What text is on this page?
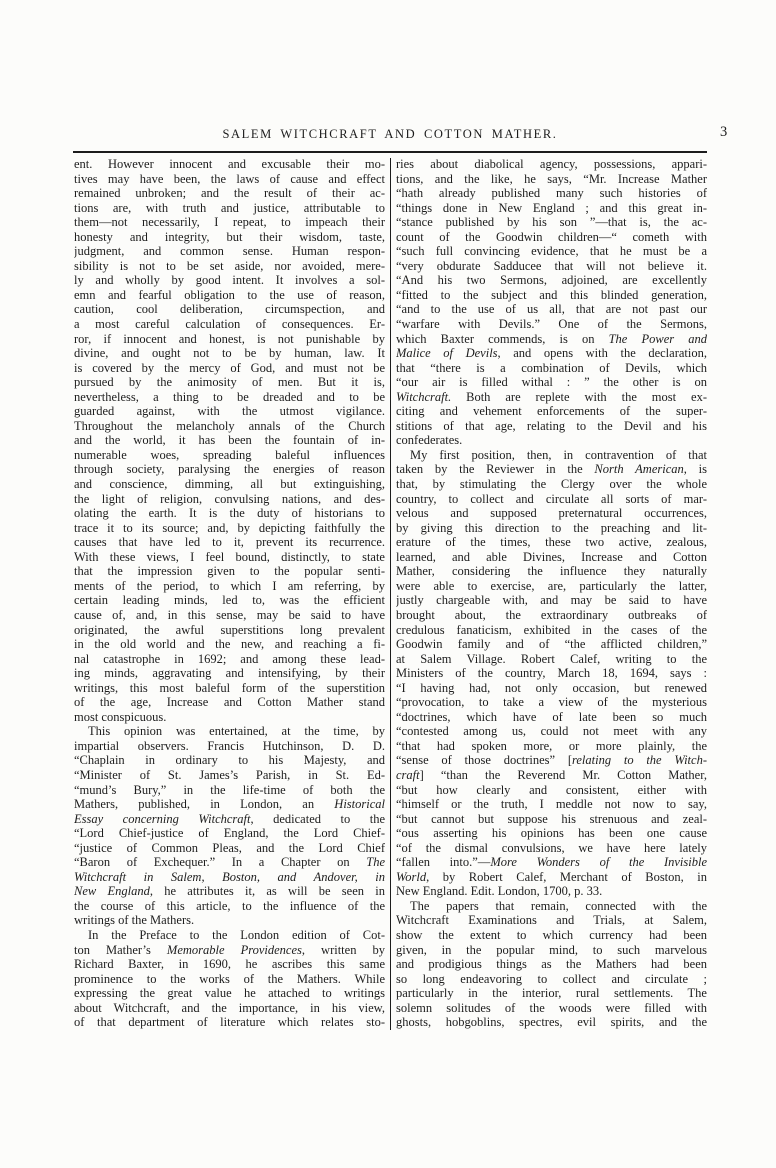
SALEM WITCHCRAFT AND COTTON MATHER.	3
ent. However innocent and excusable their mo-
tives may have been, the laws of cause and effect
remained unbroken; and the result of their ac-
tions are, with truth and justice, attributable to
them—not necessarily, I repeat, to impeach their
honesty and integrity, but their wisdom, taste,
judgment, and common sense. Human respon-
sibility is not to be set aside, nor avoided, mere-
ly and wholly by good intent. It involves a sol-
emn and fearful obligation to the use of reason,
caution, cool deliberation, circumspection, and
a most careful calculation of consequences. Er-
ror, if innocent and honest, is not punishable by
divine, and ought not to be by human, law. It
is covered by the mercy of God, and must not be
pursued by the animosity of men. But it is,
nevertheless, a thing to be dreaded and to be
guarded against, with the utmost vigilance.
Throughout the melancholy annals of the Church
and the world, it has been the fountain of in-
numerable woes, spreading baleful influences
through society, paralysing the energies of reason
and conscience, dimming, all but extinguishing,
the light of religion, convulsing nations, and des-
olating the earth. It is the duty of historians to
trace it to its source; and, by depicting faithfully the
causes that have led to it, prevent its recurrence.
With these views, I feel bound, distinctly, to state
that the impression given to the popular senti-
ments of the period, to which I am referring, by
certain leading minds, led to, was the efficient
cause of, and, in this sense, may be said to have
originated, the awful superstitions long prevalent
in the old world and the new, and reaching a fi-
nal catastrophe in 1692; and among these lead-
ing minds, aggravating and intensifying, by their
writings, this most baleful form of the superstition
of the age, Increase and Cotton Mather stand
most conspicuous.
This opinion was entertained, at the time, by
impartial observers. Francis Hutchinson, D. D.
“Chaplain in ordinary to his Majesty, and
“Minister of St. James’s Parish, in St. Ed-
“mund’s Bury,” in the life-time of both the
Mathers, published, in London, an Historical
Essay concerning Witchcraft, dedicated to the
“Lord Chief-justice of England, the Lord Chief-
“justice of Common Pleas, and the Lord Chief
“Baron of Exchequer.” In a Chapter on The
Witchcraft in Salem, Boston, and Andover, in
New England, he attributes it, as will be seen in
the course of this article, to the influence of the
writings of the Mathers.
In the Preface to the London edition of Cot-
ton Mather’s Memorable Providences, written by
Richard Baxter, in 1690, he ascribes this same
prominence to the works of the Mathers. While
expressing the great value he attached to writings
about Witchcraft, and the importance, in his view,
of that department of literature which relates sto-
ries about diabolical agency, possessions, appari-
tions, and the like, he says, “Mr. Increase Mather
“hath already published many such histories of
“things done in New England ; and this great in-
“stance published by his son ”—that is, the ac-
count of the Goodwin children—“ cometh with
“such full convincing evidence, that he must be a
“very obdurate Sadducee that will not believe it.
“And his two Sermons, adjoined, are excellently
“fitted to the subject and this blinded generation,
“and to the use of us all, that are not past our
“warfare with Devils.” One of the Sermons,
which Baxter commends, is on The Power and
Malice of Devils, and opens with the declaration,
that “there is a combination of Devils, which
“our air is filled withal : ” the other is on
Witchcraft. Both are replete with the most ex-
citing and vehement enforcements of the super-
stitions of that age, relating to the Devil and his
confederates.
My first position, then, in contravention of that
taken by the Reviewer in the North American, is
that, by stimulating the Clergy over the whole
country, to collect and circulate all sorts of mar-
velous and supposed preternatural occurrences,
by giving this direction to the preaching and lit-
erature of the times, these two active, zealous,
learned, and able Divines, Increase and Cotton
Mather, considering the influence they naturally
were able to exercise, are, particularly the latter,
justly chargeable with, and may be said to have
brought about, the extraordinary outbreaks of
credulous fanaticism, exhibited in the cases of the
Goodwin family and of “the afflicted children,”
at Salem Village. Robert Calef, writing to the
Ministers of the country, March 18, 1694, says :
“I having had, not only occasion, but renewed
“provocation, to take a view of the mysterious
“doctrines, which have of late been so much
“contested among us, could not meet with any
“that had spoken more, or more plainly, the
“sense of those doctrines” [relating to the Witch-
craft] “than the Reverend Mr. Cotton Mather,
“but how clearly and consistent, either with
“himself or the truth, I meddle not now to say,
“but cannot but suppose his strenuous and zeal-
“ous asserting his opinions has been one cause
“of the dismal convulsions, we have here lately
“fallen into.”—More Wonders of the Invisible
World, by Robert Calef, Merchant of Boston, in
New England. Edit. London, 1700, p. 33.
The papers that remain, connected with the
Witchcraft Examinations and Trials, at Salem,
show the extent to which currency had been
given, in the popular mind, to such marvelous
and prodigious things as the Mathers had been
so long endeavoring to collect and circulate ;
particularly in the interior, rural settlements. The
solemn solitudes of the woods were filled with
ghosts, hobgoblins, spectres, evil spirits, and the
